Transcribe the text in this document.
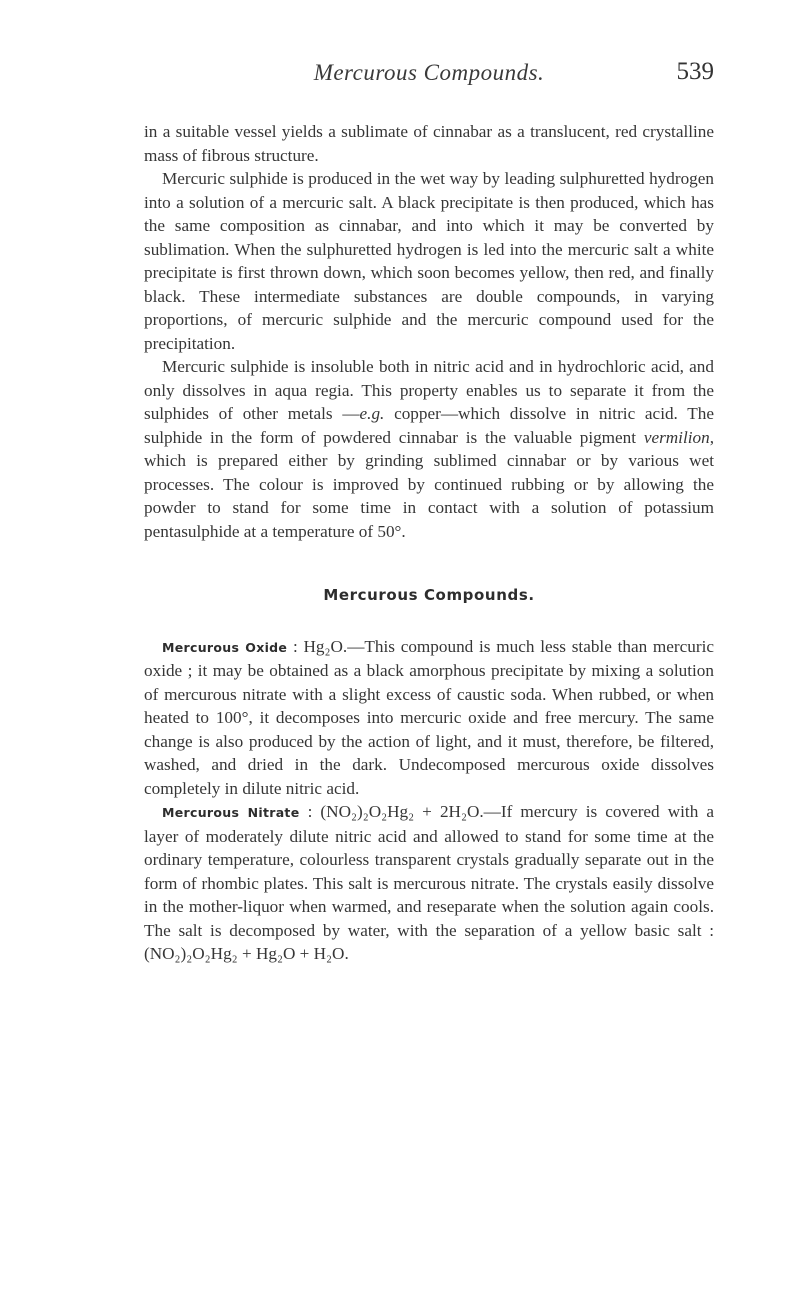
Mercurous Compounds.	539

in a suitable vessel yields a sublimate of cinnabar as a translucent, red crystalline mass of fibrous structure.

Mercuric sulphide is produced in the wet way by leading sulphuretted hydrogen into a solution of a mercuric salt. A black precipitate is then produced, which has the same composition as cinnabar, and into which it may be converted by sublimation. When the sulphuretted hydrogen is led into the mercuric salt a white precipitate is first thrown down, which soon becomes yellow, then red, and finally black. These intermediate substances are double compounds, in varying proportions, of mercuric sulphide and the mercuric compound used for the precipitation.

Mercuric sulphide is insoluble both in nitric acid and in hydrochloric acid, and only dissolves in aqua regia. This property enables us to separate it from the sulphides of other metals —e.g. copper—which dissolve in nitric acid. The sulphide in the form of powdered cinnabar is the valuable pigment vermilion, which is prepared either by grinding sublimed cinnabar or by various wet processes. The colour is improved by continued rubbing or by allowing the powder to stand for some time in contact with a solution of potassium pentasulphide at a temperature of 50°.

Mercurous Compounds.

Mercurous Oxide : Hg₂O.—This compound is much less stable than mercuric oxide ; it may be obtained as a black amorphous precipitate by mixing a solution of mercurous nitrate with a slight excess of caustic soda. When rubbed, or when heated to 100°, it decomposes into mercuric oxide and free mercury. The same change is also produced by the action of light, and it must, therefore, be filtered, washed, and dried in the dark. Undecomposed mercurous oxide dissolves completely in dilute nitric acid.

Mercurous Nitrate : (NO₂)₂O₂Hg₂ + 2H₂O.—If mercury is covered with a layer of moderately dilute nitric acid and allowed to stand for some time at the ordinary temperature, colourless transparent crystals gradually separate out in the form of rhombic plates. This salt is mercurous nitrate. The crystals easily dissolve in the mother-liquor when warmed, and reseparate when the solution again cools. The salt is decomposed by water, with the separation of a yellow basic salt : (NO₂)₂O₂Hg₂ + Hg₂O + H₂O.
